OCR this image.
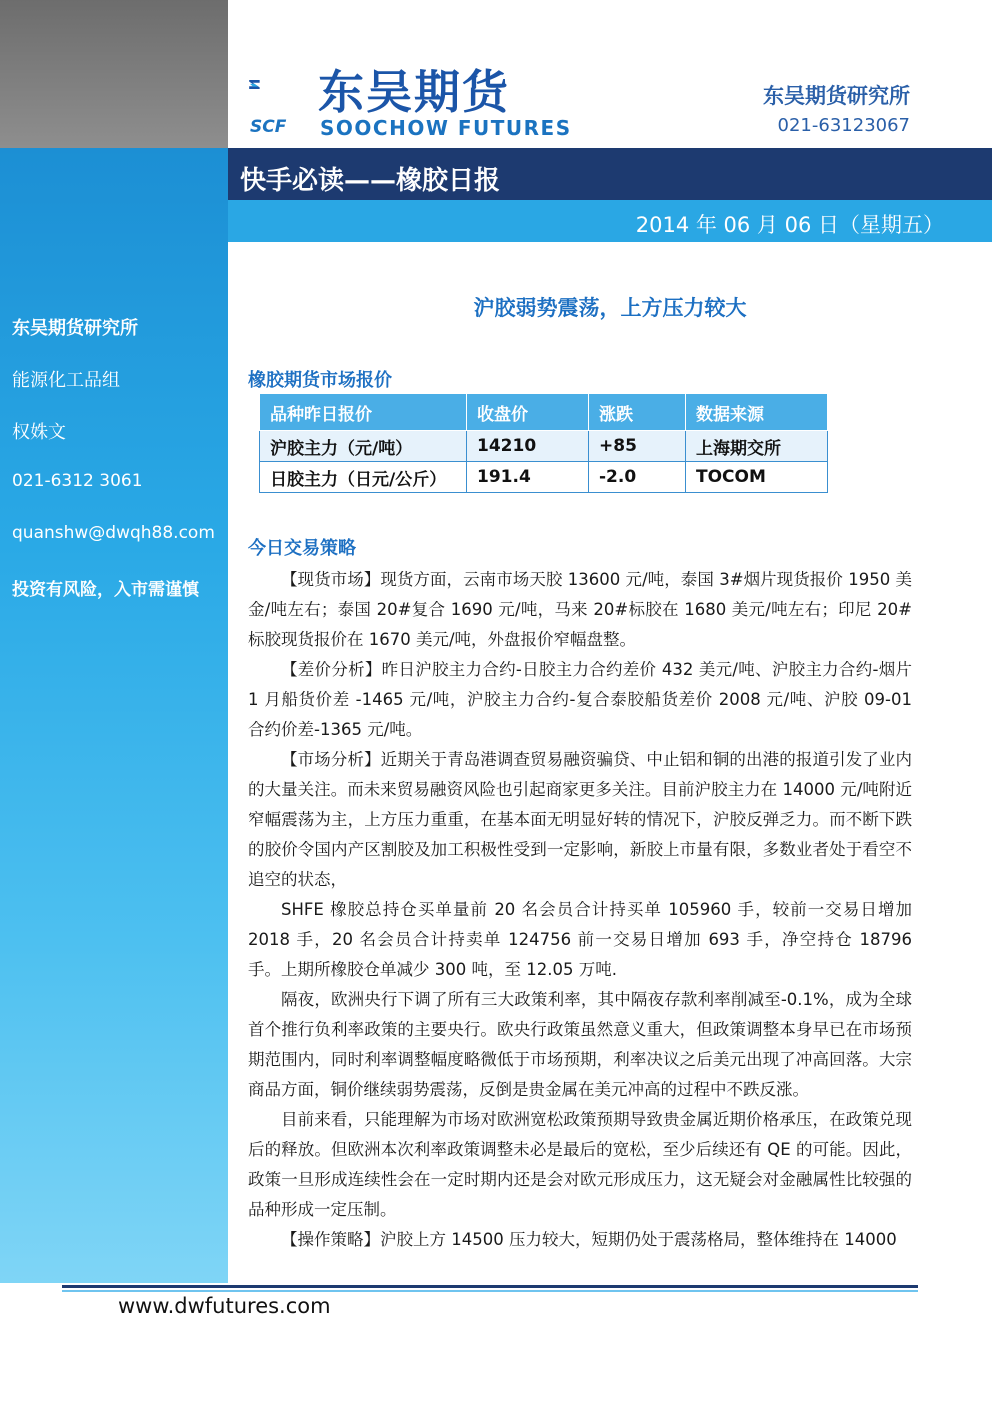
东吴期货研究所
能源化工品组
权姝文
021-6312 3061
quanshw@dwqh88.com
投资有风险，入市需谨慎
东吴期货
SCF SOOCHOW FUTURES
东吴期货研究所
021-63123067
快手必读——橡胶日报
2014 年 06 月 06 日（星期五）
沪胶弱势震荡，上方压力较大
橡胶期货市场报价
品种昨日报价	收盘价	涨跌	数据来源
沪胶主力（元/吨）	14210	+85	上海期交所
日胶主力（日元/公斤）	191.4	-2.0	TOCOM
今日交易策略

【现货市场】现货方面，云南市场天胶 13600 元/吨，泰国 3#烟片现货报价 1950 美金/吨左右；泰国 20#复合 1690 元/吨，马来 20#标胶在 1680 美元/吨左右；印尼 20#标胶现货报价在 1670 美元/吨，外盘报价窄幅盘整。

【差价分析】昨日沪胶主力合约-日胶主力合约差价 432 美元/吨、沪胶主力合约-烟片 1 月船货价差 -1465 元/吨，沪胶主力合约-复合泰胶船货差价 2008 元/吨、沪胶 09-01 合约价差-1365 元/吨。

【市场分析】近期关于青岛港调查贸易融资骗贷、中止铝和铜的出港的报道引发了业内的大量关注。而未来贸易融资风险也引起商家更多关注。目前沪胶主力在 14000 元/吨附近窄幅震荡为主，上方压力重重，在基本面无明显好转的情况下，沪胶反弹乏力。而不断下跌的胶价令国内产区割胶及加工积极性受到一定影响，新胶上市量有限，多数业者处于看空不追空的状态，

SHFE 橡胶总持仓买单量前 20 名会员合计持买单 105960 手，较前一交易日增加 2018 手，20 名会员合计持卖单 124756 前一交易日增加 693 手，净空持仓 18796 手。上期所橡胶仓单减少 300 吨，至 12.05 万吨.

隔夜，欧洲央行下调了所有三大政策利率，其中隔夜存款利率削减至-0.1%，成为全球首个推行负利率政策的主要央行。欧央行政策虽然意义重大，但政策调整本身早已在市场预期范围内，同时利率调整幅度略微低于市场预期，利率决议之后美元出现了冲高回落。大宗商品方面，铜价继续弱势震荡，反倒是贵金属在美元冲高的过程中不跌反涨。

目前来看，只能理解为市场对欧洲宽松政策预期导致贵金属近期价格承压，在政策兑现后的释放。但欧洲本次利率政策调整未必是最后的宽松，至少后续还有 QE 的可能。因此，政策一旦形成连续性会在一定时期内还是会对欧元形成压力，这无疑会对金融属性比较强的品种形成一定压制。

【操作策略】沪胶上方 14500 压力较大，短期仍处于震荡格局，整体维持在 14000

www.dwfutures.com
